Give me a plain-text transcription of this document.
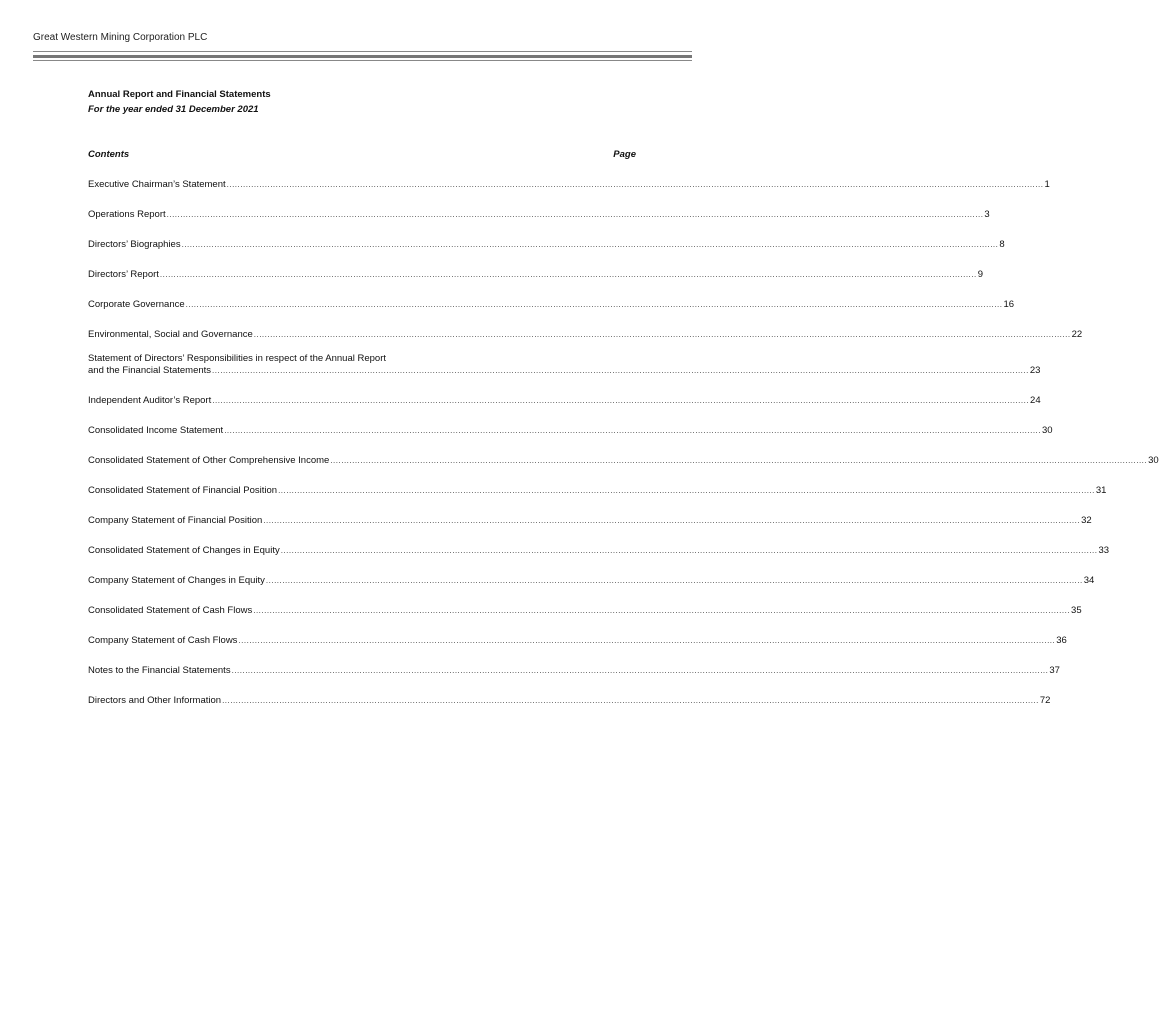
Great Western Mining Corporation PLC
Annual Report and Financial Statements
For the year ended 31 December 2021
Contents	Page
Executive Chairman’s Statement ............................................................................................................................................................................................................................................................................................................ 1
Operations Report ............................................................................................................................................................................................................................................................................................................ 3
Directors’ Biographies ............................................................................................................................................................................................................................................................................................................ 8
Directors’ Report ............................................................................................................................................................................................................................................................................................................ 9
Corporate Governance ............................................................................................................................................................................................................................................................................................................ 16
Environmental, Social and Governance ............................................................................................................................................................................................................................................................................................................ 22
Statement of Directors’ Responsibilities in respect of the Annual Report
and the Financial Statements ............................................................................................................................................................................................................................................................................................................ 23
Independent Auditor’s Report ............................................................................................................................................................................................................................................................................................................ 24
Consolidated Income Statement ............................................................................................................................................................................................................................................................................................................ 30
Consolidated Statement of Other Comprehensive Income ............................................................................................................................................................................................................................................................................................................ 30
Consolidated Statement of Financial Position ............................................................................................................................................................................................................................................................................................................ 31
Company Statement of Financial Position ............................................................................................................................................................................................................................................................................................................ 32
Consolidated Statement of Changes in Equity ............................................................................................................................................................................................................................................................................................................ 33
Company Statement of Changes in Equity ............................................................................................................................................................................................................................................................................................................ 34
Consolidated Statement of Cash Flows ............................................................................................................................................................................................................................................................................................................ 35
Company Statement of Cash Flows ............................................................................................................................................................................................................................................................................................................ 36
Notes to the Financial Statements ............................................................................................................................................................................................................................................................................................................ 37
Directors and Other Information ............................................................................................................................................................................................................................................................................................................ 72
